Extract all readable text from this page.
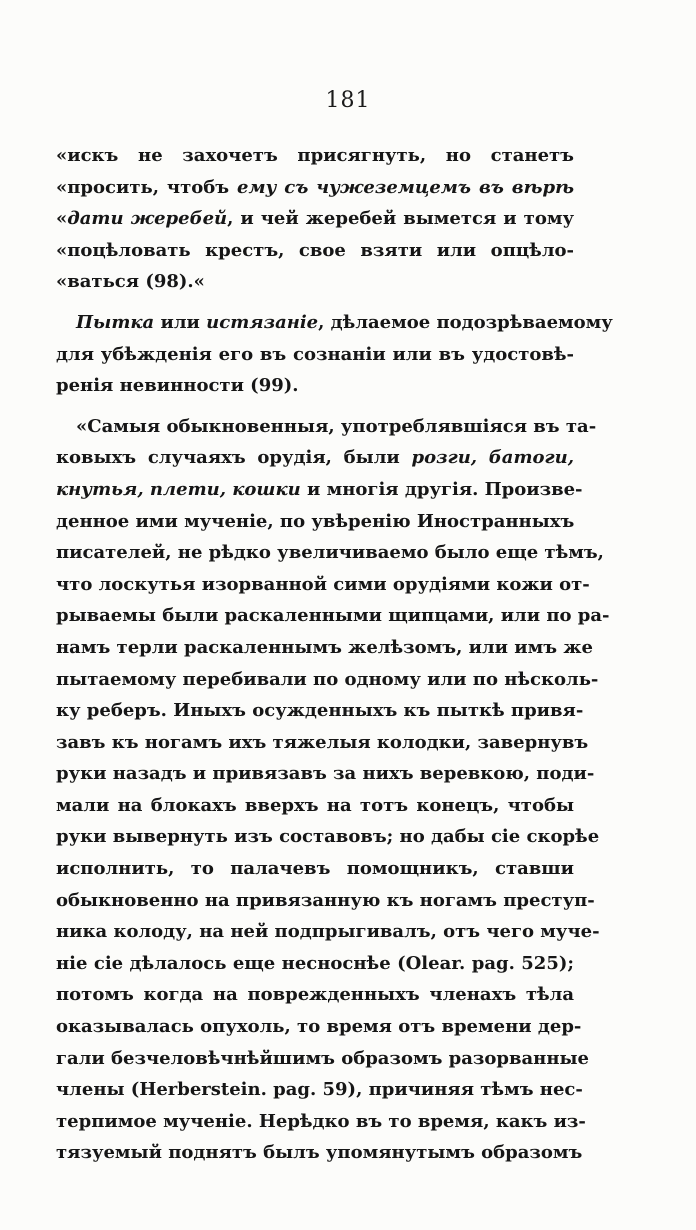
181
«искъ не захочетъ присягнуть, но станетъ
«просить, чтобъ ему съ чужеземцемъ въ вѣрѣ
«дати жеребей, и чей жеребей вымется и тому
«поцѣловать крестъ, свое взяти или опцѣло-
«ваться (98).«
Пытка или истязаніе, дѣлаемое подозрѣваемому
для убѣжденія его въ сознаніи или въ удостовѣ-
ренія невинности (99).
«Самыя обыкновенныя, употреблявшіяся въ та-
ковыхъ случаяхъ орудія, были розги, батоги,
кнутья, плети, кошки и многія другія. Произве-
денное ими мученіе, по увѣренію Иностранныхъ
писателей, не рѣдко увеличиваемо было еще тѣмъ,
что лоскутья изорванной сими орудіями кожи от-
рываемы были раскаленными щипцами, или по ра-
намъ терли раскаленнымъ желѣзомъ, или имъ же
пытаемому перебивали по одному или по нѣсколь-
ку реберъ. Иныхъ осужденныхъ къ пыткѣ привя-
завъ къ ногамъ ихъ тяжелыя колодки, завернувъ
руки назадъ и привязавъ за нихъ веревкою, поди-
мали на блокахъ вверхъ на тотъ конецъ, чтобы
руки вывернуть изъ составовъ; но дабы сіе скорѣе
исполнить, то палачевъ помощникъ, ставши
обыкновенно на привязанную къ ногамъ преступ-
ника колоду, на ней подпрыгивалъ, отъ чего муче-
ніе сіе дѣлалось еще несноснѣе (Olear. pag. 525);
потомъ когда на поврежденныхъ членахъ тѣла
оказывалась опухоль, то время отъ времени дер-
гали безчеловѣчнѣйшимъ образомъ разорванные
члены (Herberstein. pag. 59), причиняя тѣмъ нес-
терпимое мученіе. Нерѣдко въ то время, какъ из-
тязуемый поднятъ былъ упомянутымъ образомъ
